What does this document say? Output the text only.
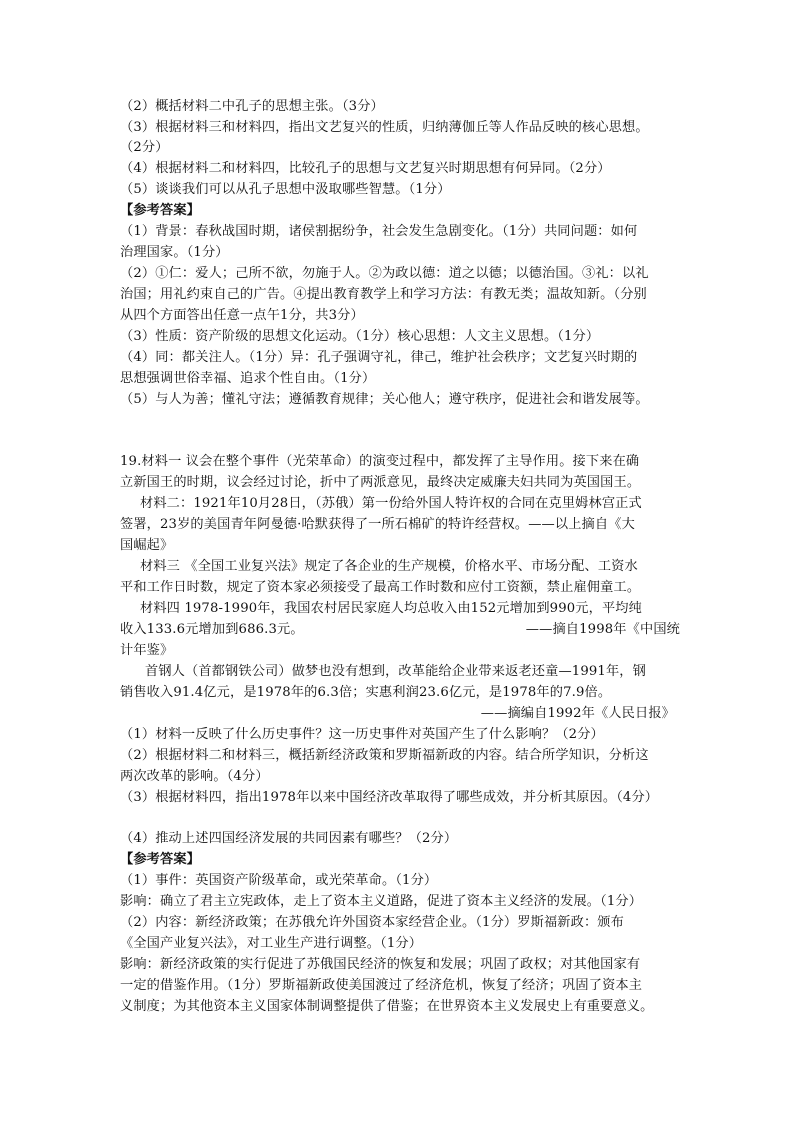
（2）概括材料二中孔子的思想主张。（3分）
（3）根据材料三和材料四，指出文艺复兴的性质，归纳薄伽丘等人作品反映的核心思想。
（2分）
（4）根据材料二和材料四，比较孔子的思想与文艺复兴时期思想有何异同。（2分）
（5）谈谈我们可以从孔子思想中汲取哪些智慧。（1分）
【参考答案】
（1）背景：春秋战国时期，诸侯割据纷争，社会发生急剧变化。（1分）共同问题：如何
治理国家。（1分）
（2）①仁：爱人；己所不欲，勿施于人。②为政以德：道之以德；以德治国。③礼：以礼
治国；用礼约束自己的广告。④提出教育教学上和学习方法：有教无类；温故知新。（分别
从四个方面答出任意一点午1分，共3分）
（3）性质：资产阶级的思想文化运动。（1分）核心思想：人文主义思想。（1分）
（4）同：都关注人。（1分）异：孔子强调守礼，律己，维护社会秩序；文艺复兴时期的
思想强调世俗幸福、追求个性自由。（1分）
（5）与人为善；懂礼守法；遵循教育规律；关心他人；遵守秩序，促进社会和谐发展等。
19.材料一 议会在整个事件（光荣革命）的演变过程中，都发挥了主导作用。接下来在确
立新国王的时期，议会经过讨论，折中了两派意见，最终决定威廉夫妇共同为英国国王。
材料二：1921年10月28日，（苏俄）第一份给外国人特许权的合同在克里姆林宫正式
签署，23岁的美国青年阿曼德·哈默获得了一所石棉矿的特许经营权。——以上摘自《大
国崛起》
材料三 《全国工业复兴法》规定了各企业的生产规模，价格水平、市场分配、工资水
平和工作日时数，规定了资本家必须接受了最高工作时数和应付工资额，禁止雇佣童工。
材料四 1978-1990年，我国农村居民家庭人均总收入由152元增加到990元，平均纯
收入133.6元增加到686.3元。	——摘自1998年《中国统
计年鉴》
首钢人（首都钢铁公司）做梦也没有想到，改革能给企业带来返老还童—1991年，钢
销售收入91.4亿元，是1978年的6.3倍；实惠利润23.6亿元，是1978年的7.9倍。
——摘编自1992年《人民日报》
（1）材料一反映了什么历史事件？这一历史事件对英国产生了什么影响？（2分）
（2）根据材料二和材料三，概括新经济政策和罗斯福新政的内容。结合所学知识，分析这
两次改革的影响。（4分）
（3）根据材料四，指出1978年以来中国经济改革取得了哪些成效，并分析其原因。（4分）
（4）推动上述四国经济发展的共同因素有哪些？（2分）
【参考答案】
（1）事件：英国资产阶级革命，或光荣革命。（1分）
影响：确立了君主立宪政体，走上了资本主义道路，促进了资本主义经济的发展。（1分）
（2）内容：新经济政策；在苏俄允许外国资本家经营企业。（1分）罗斯福新政：颁布
《全国产业复兴法》，对工业生产进行调整。（1分）
影响：新经济政策的实行促进了苏俄国民经济的恢复和发展；巩固了政权；对其他国家有
一定的借鉴作用。（1分）罗斯福新政使美国渡过了经济危机，恢复了经济；巩固了资本主
义制度；为其他资本主义国家体制调整提供了借鉴；在世界资本主义发展史上有重要意义。
